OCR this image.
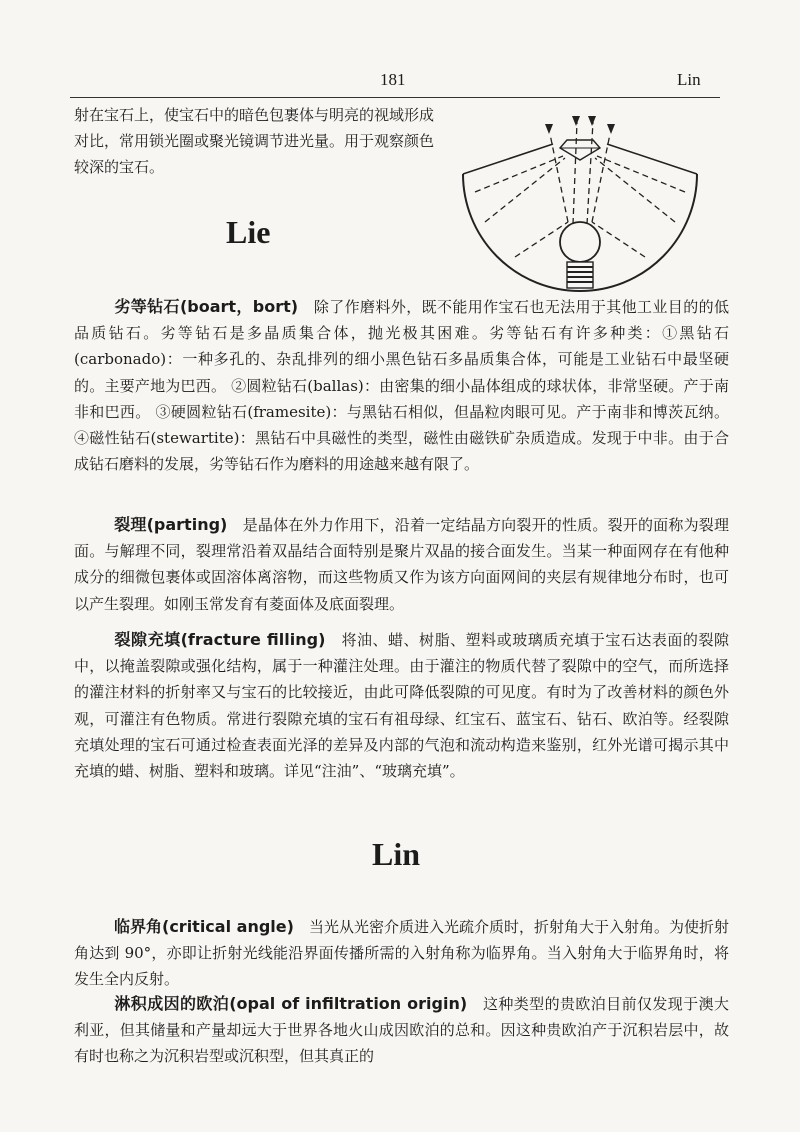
181	Lin

射在宝石上，使宝石中的暗色包裹体与明亮的视域形成对比，常用锁光圈或聚光镜调节进光量。用于观察颜色较深的宝石。

Lie

劣等钻石(boart，bort)　 除了作磨料外，既不能用作宝石也无法用于其他工业目的的低品质钻石。劣等钻石是多晶质集合体，抛光极其困难。劣等钻石有许多种类：①黑钻石(carbonado)：一种多孔的、杂乱排列的细小黑色钻石多晶质集合体，可能是工业钻石中最坚硬的。主要产地为巴西。 ②圆粒钻石(ballas)：由密集的细小晶体组成的球状体，非常坚硬。产于南非和巴西。 ③硬圆粒钻石(framesite)：与黑钻石相似，但晶粒肉眼可见。产于南非和博茨瓦纳。 ④磁性钻石(stewartite)：黑钻石中具磁性的类型，磁性由磁铁矿杂质造成。发现于中非。由于合成钻石磨料的发展，劣等钻石作为磨料的用途越来越有限了。

裂理(parting)　 是晶体在外力作用下，沿着一定结晶方向裂开的性质。裂开的面称为裂理面。与解理不同，裂理常沿着双晶结合面特别是聚片双晶的接合面发生。当某一种面网存在有他种成分的细微包裹体或固溶体离溶物，而这些物质又作为该方向面网间的夹层有规律地分布时，也可以产生裂理。如刚玉常发育有菱面体及底面裂理。

裂隙充填(fracture filling)　 将油、蜡、树脂、塑料或玻璃质充填于宝石达表面的裂隙中，以掩盖裂隙或强化结构，属于一种灌注处理。由于灌注的物质代替了裂隙中的空气，而所选择的灌注材料的折射率又与宝石的比较接近，由此可降低裂隙的可见度。有时为了改善材料的颜色外观，可灌注有色物质。常进行裂隙充填的宝石有祖母绿、红宝石、蓝宝石、钻石、欧泊等。经裂隙充填处理的宝石可通过检查表面光泽的差异及内部的气泡和流动构造来鉴别，红外光谱可揭示其中充填的蜡、树脂、塑料和玻璃。详见“注油”、“玻璃充填”。

Lin

临界角(critical angle)　 当光从光密介质进入光疏介质时，折射角大于入射角。为使折射角达到 90°，亦即让折射光线能沿界面传播所需的入射角称为临界角。当入射角大于临界角时，将发生全内反射。

淋积成因的欧泊(opal of infiltration origin)　 这种类型的贵欧泊目前仅发现于澳大利亚，但其储量和产量却远大于世界各地火山成因欧泊的总和。因这种贵欧泊产于沉积岩层中，故有时也称之为沉积岩型或沉积型，但其真正的
